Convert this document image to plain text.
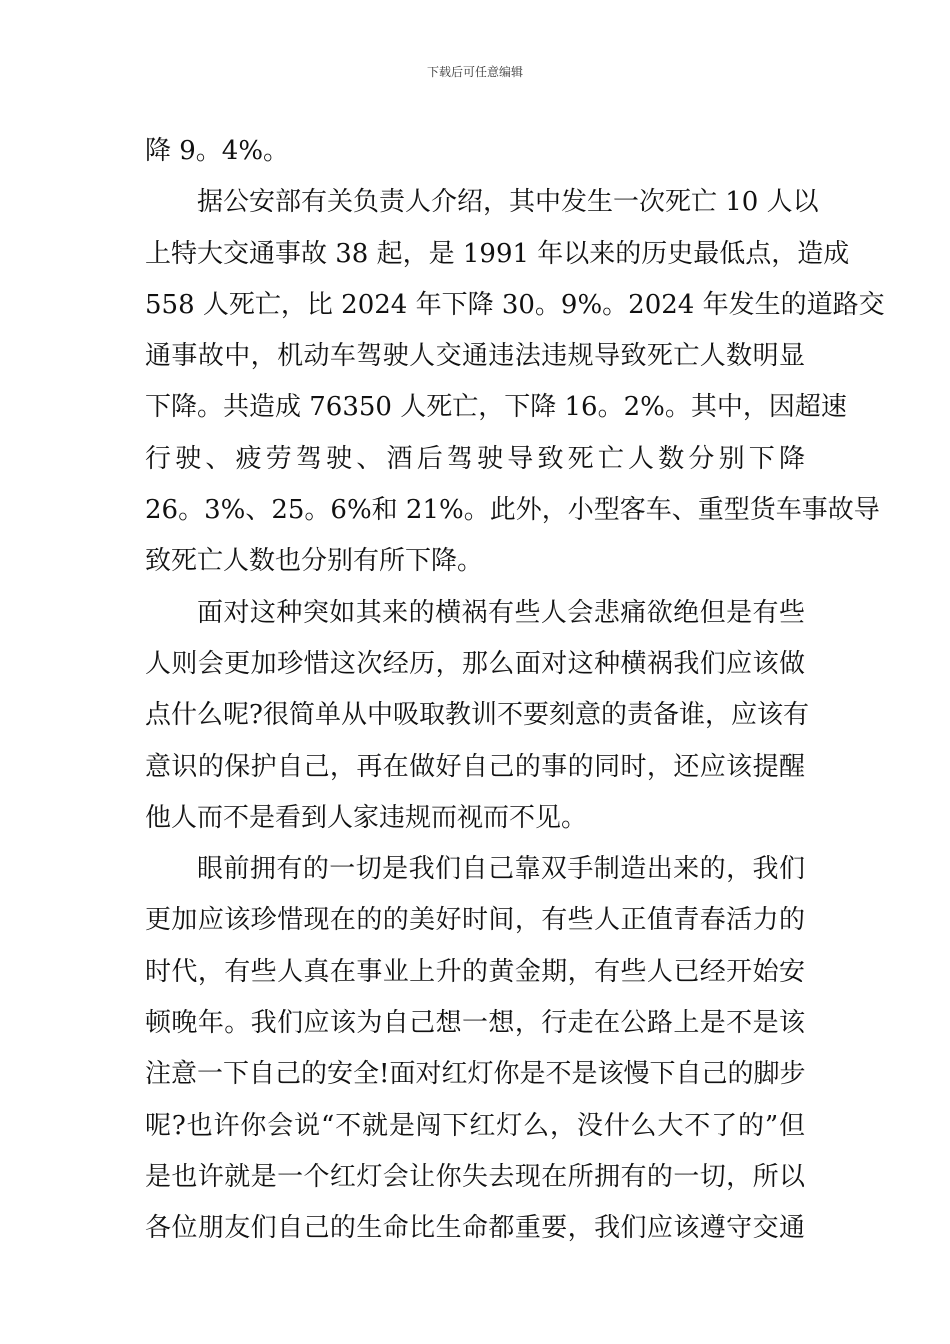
下载后可任意编辑
降 9。4%。
据公安部有关负责人介绍，其中发生一次死亡 10 人以
上特大交通事故 38 起，是 1991 年以来的历史最低点，造成
558 人死亡，比 2024 年下降 30。9%。2024 年发生的道路交
通事故中，机动车驾驶人交通违法违规导致死亡人数明显
下降。共造成 76350 人死亡，下降 16。2%。其中，因超速
行驶、疲劳驾驶、酒后驾驶导致死亡人数分别下降
26。3%、25。6%和 21%。此外，小型客车、重型货车事故导
致死亡人数也分别有所下降。
面对这种突如其来的横祸有些人会悲痛欲绝但是有些
人则会更加珍惜这次经历，那么面对这种横祸我们应该做
点什么呢?很简单从中吸取教训不要刻意的责备谁，应该有
意识的保护自己，再在做好自己的事的同时，还应该提醒
他人而不是看到人家违规而视而不见。
眼前拥有的一切是我们自己靠双手制造出来的，我们
更加应该珍惜现在的的美好时间，有些人正值青春活力的
时代，有些人真在事业上升的黄金期，有些人已经开始安
顿晚年。我们应该为自己想一想，行走在公路上是不是该
注意一下自己的安全!面对红灯你是不是该慢下自己的脚步
呢?也许你会说“不就是闯下红灯么，没什么大不了的”但
是也许就是一个红灯会让你失去现在所拥有的一切，所以
各位朋友们自己的生命比生命都重要，我们应该遵守交通
